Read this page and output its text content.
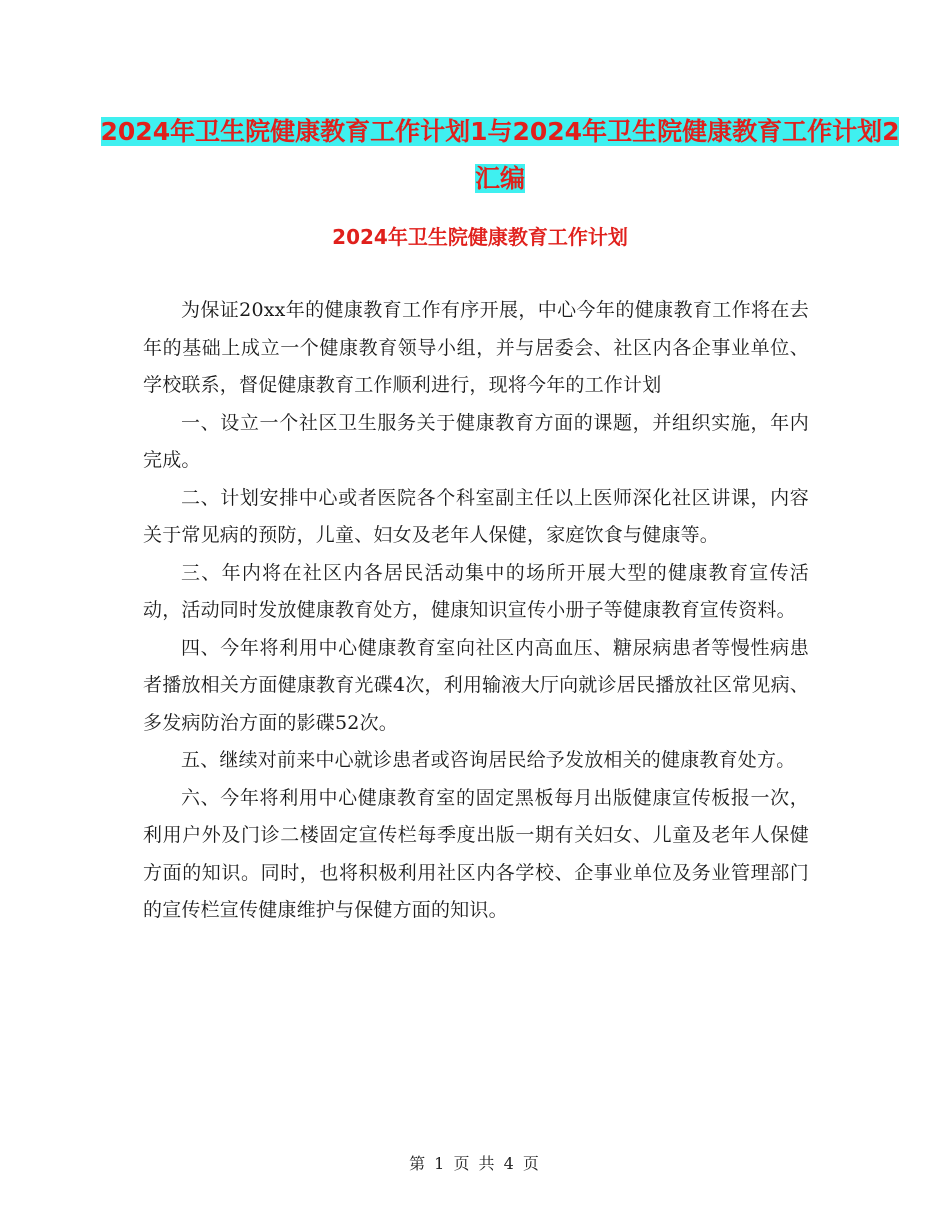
2024年卫生院健康教育工作计划1与2024年卫生院健康教育工作计划2汇编
2024年卫生院健康教育工作计划

为保证20xx年的健康教育工作有序开展，中心今年的健康教育工作将在去年的基础上成立一个健康教育领导小组，并与居委会、社区内各企事业单位、学校联系，督促健康教育工作顺利进行，现将今年的工作计划

一、设立一个社区卫生服务关于健康教育方面的课题，并组织实施，年内完成。

二、计划安排中心或者医院各个科室副主任以上医师深化社区讲课，内容关于常见病的预防，儿童、妇女及老年人保健，家庭饮食与健康等。

三、年内将在社区内各居民活动集中的场所开展大型的健康教育宣传活动，活动同时发放健康教育处方，健康知识宣传小册子等健康教育宣传资料。

四、今年将利用中心健康教育室向社区内高血压、糖尿病患者等慢性病患者播放相关方面健康教育光碟4次，利用输液大厅向就诊居民播放社区常见病、多发病防治方面的影碟52次。

五、继续对前来中心就诊患者或咨询居民给予发放相关的健康教育处方。

六、今年将利用中心健康教育室的固定黑板每月出版健康宣传板报一次，利用户外及门诊二楼固定宣传栏每季度出版一期有关妇女、儿童及老年人保健方面的知识。同时，也将积极利用社区内各学校、企事业单位及务业管理部门的宣传栏宣传健康维护与保健方面的知识。

第 1 页 共 4 页
